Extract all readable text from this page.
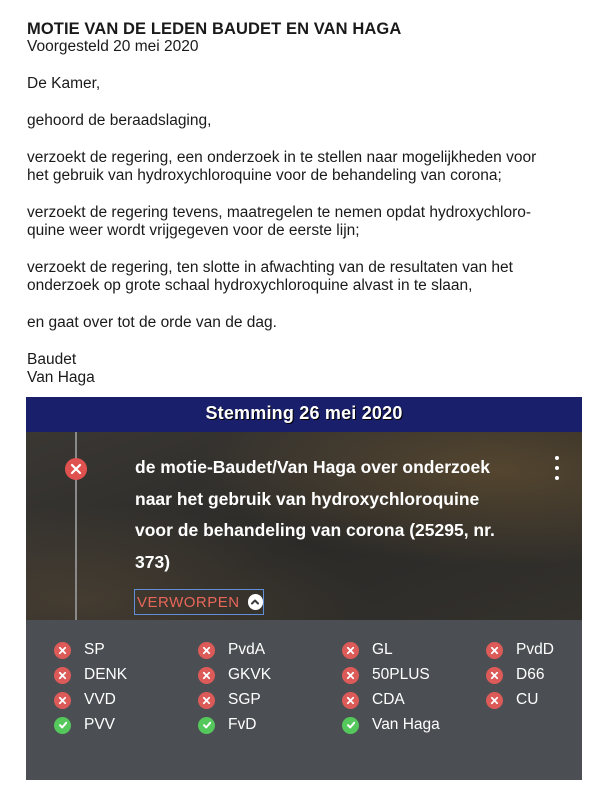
MOTIE VAN DE LEDEN BAUDET EN VAN HAGA

Voorgesteld 20 mei 2020

De Kamer,

gehoord de beraadslaging,

verzoekt de regering, een onderzoek in te stellen naar mogelijkheden voor

het gebruik van hydroxychloroquine voor de behandeling van corona;

verzoekt de regering tevens, maatregelen te nemen opdat hydroxychloro-

quine weer wordt vrijgegeven voor de eerste lijn;

verzoekt de regering, ten slotte in afwachting van de resultaten van het

onderzoek op grote schaal hydroxychloroquine alvast in te slaan,

en gaat over tot de orde van de dag.

Baudet

Van Haga

Stemming 26 mei 2020
de motie-Baudet/Van Haga over onderzoek
naar het gebruik van hydroxychloroquine
voor de behandeling van corona (25295, nr.
373)
VERWORPEN
SP	PvdA	GL	PvdD
DENK	GKVK	50PLUS	D66
VVD	SGP	CDA	CU
PVV	FvD	Van Haga
